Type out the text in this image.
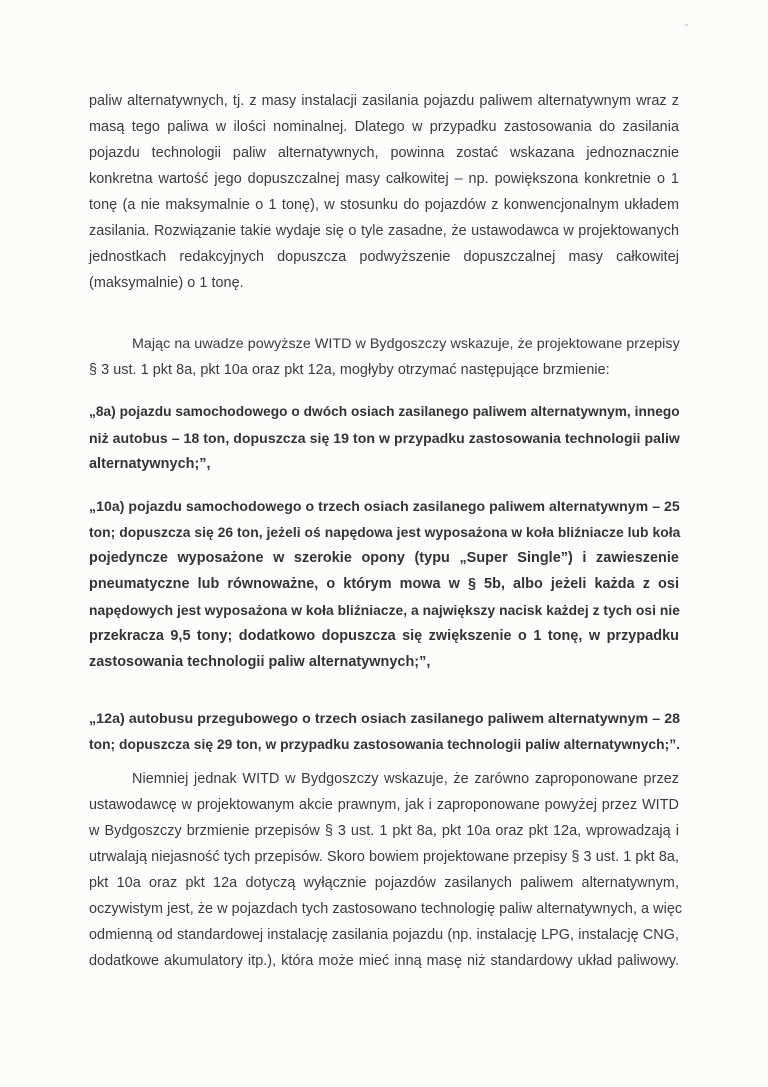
paliw alternatywnych, tj. z masy instalacji zasilania pojazdu paliwem alternatywnym wraz z
masą tego paliwa w ilości nominalnej. Dlatego w przypadku zastosowania do zasilania
pojazdu technologii paliw alternatywnych, powinna zostać wskazana jednoznacznie
konkretna wartość jego dopuszczalnej masy całkowitej – np. powiększona konkretnie o 1
tonę (a nie maksymalnie o 1 tonę), w stosunku do pojazdów z konwencjonalnym układem
zasilania. Rozwiązanie takie wydaje się o tyle zasadne, że ustawodawca w projektowanych
jednostkach redakcyjnych dopuszcza podwyższenie dopuszczalnej masy całkowitej
(maksymalnie) o 1 tonę.
Mając na uwadze powyższe WITD w Bydgoszczy wskazuje, że projektowane przepisy
§ 3 ust. 1 pkt 8a, pkt 10a oraz pkt 12a, mogłyby otrzymać następujące brzmienie:
„8a) pojazdu samochodowego o dwóch osiach zasilanego paliwem alternatywnym, innego
niż autobus – 18 ton, dopuszcza się 19 ton w przypadku zastosowania technologii paliw
alternatywnych;”,
„10a) pojazdu samochodowego o trzech osiach zasilanego paliwem alternatywnym – 25
ton; dopuszcza się 26 ton, jeżeli oś napędowa jest wyposażona w koła bliźniacze lub koła
pojedyncze wyposażone w szerokie opony (typu „Super Single”) i zawieszenie
pneumatyczne lub równoważne, o którym mowa w § 5b, albo jeżeli każda z osi
napędowych jest wyposażona w koła bliźniacze, a największy nacisk każdej z tych osi nie
przekracza 9,5 tony; dodatkowo dopuszcza się zwiększenie o 1 tonę, w przypadku
zastosowania technologii paliw alternatywnych;”,
„12a) autobusu przegubowego o trzech osiach zasilanego paliwem alternatywnym – 28
ton; dopuszcza się 29 ton, w przypadku zastosowania technologii paliw alternatywnych;”.
Niemniej jednak WITD w Bydgoszczy wskazuje, że zarówno zaproponowane przez
ustawodawcę w projektowanym akcie prawnym, jak i zaproponowane powyżej przez WITD
w Bydgoszczy brzmienie przepisów § 3 ust. 1 pkt 8a, pkt 10a oraz pkt 12a, wprowadzają i
utrwalają niejasność tych przepisów. Skoro bowiem projektowane przepisy § 3 ust. 1 pkt 8a,
pkt 10a oraz pkt 12a dotyczą wyłącznie pojazdów zasilanych paliwem alternatywnym,
oczywistym jest, że w pojazdach tych zastosowano technologię paliw alternatywnych, a więc
odmienną od standardowej instalację zasilania pojazdu (np. instalację LPG, instalację CNG,
dodatkowe akumulatory itp.), która może mieć inną masę niż standardowy układ paliwowy.
